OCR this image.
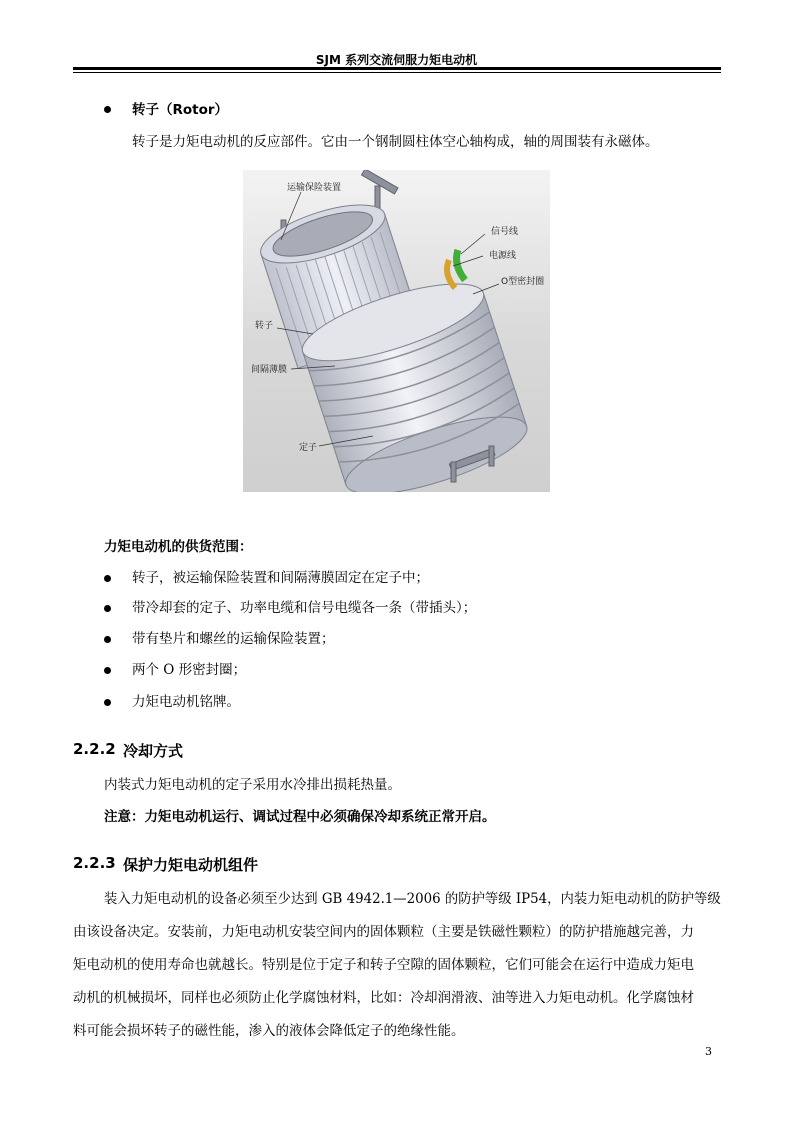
SJM 系列交流伺服力矩电动机
转子（Rotor）
转子是力矩电动机的反应部件。它由一个钢制圆柱体空心轴构成，轴的周围装有永磁体。
运输保险装置
信号线
电源线
O型密封圈
转子
间隔薄膜
定子
力矩电动机的供货范围：
转子，被运输保险装置和间隔薄膜固定在定子中；
带冷却套的定子、功率电缆和信号电缆各一条（带插头）；
带有垫片和螺丝的运输保险装置；
两个 O 形密封圈；
力矩电动机铭牌。
2.2.2 冷却方式
内装式力矩电动机的定子采用水冷排出损耗热量。
注意：力矩电动机运行、调试过程中必须确保冷却系统正常开启。
2.2.3 保护力矩电动机组件
装入力矩电动机的设备必须至少达到 GB 4942.1—2006 的防护等级 IP54，内装力矩电动机的防护等级
由该设备决定。安装前，力矩电动机安装空间内的固体颗粒（主要是铁磁性颗粒）的防护措施越完善，力
矩电动机的使用寿命也就越长。特别是位于定子和转子空隙的固体颗粒，它们可能会在运行中造成力矩电
动机的机械损坏，同样也必须防止化学腐蚀材料，比如：冷却润滑液、油等进入力矩电动机。化学腐蚀材
料可能会损坏转子的磁性能，渗入的液体会降低定子的绝缘性能。
3
